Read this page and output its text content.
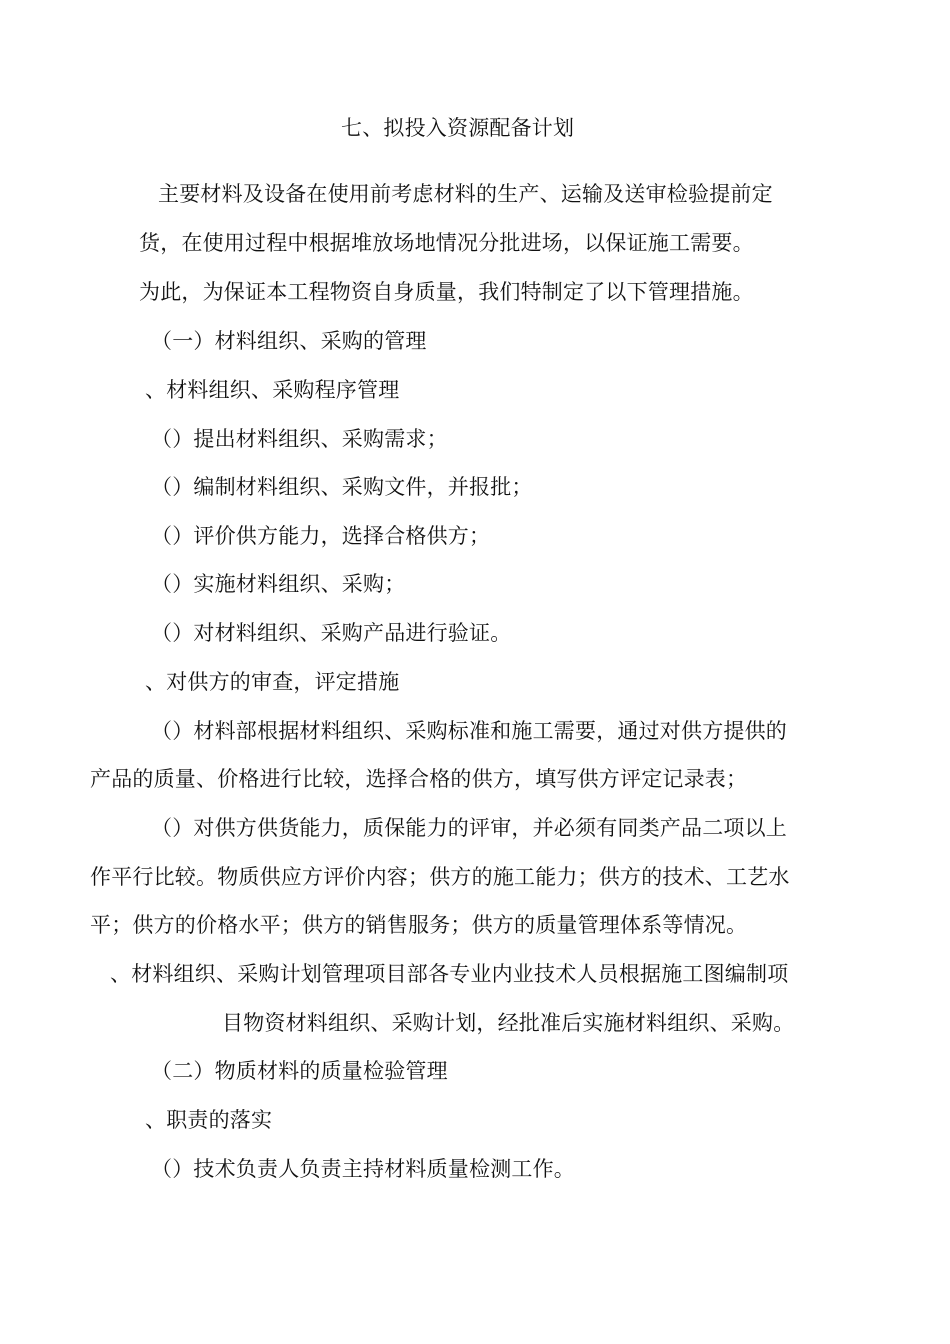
七、拟投入资源配备计划
主要材料及设备在使用前考虑材料的生产、运输及送审检验提前定
货，在使用过程中根据堆放场地情况分批进场，以保证施工需要。
为此，为保证本工程物资自身质量，我们特制定了以下管理措施。
（一）材料组织、采购的管理
、材料组织、采购程序管理
（）提出材料组织、采购需求；
（）编制材料组织、采购文件，并报批；
（）评价供方能力，选择合格供方；
（）实施材料组织、采购；
（）对材料组织、采购产品进行验证。
、对供方的审查，评定措施
（）材料部根据材料组织、采购标准和施工需要，通过对供方提供的
产品的质量、价格进行比较，选择合格的供方，填写供方评定记录表；
（）对供方供货能力，质保能力的评审，并必须有同类产品二项以上
作平行比较。物质供应方评价内容；供方的施工能力；供方的技术、工艺水
平；供方的价格水平；供方的销售服务；供方的质量管理体系等情况。
、材料组织、采购计划管理项目部各专业内业技术人员根据施工图编制项
目物资材料组织、采购计划，经批准后实施材料组织、采购。
（二）物质材料的质量检验管理
、职责的落实
（）技术负责人负责主持材料质量检测工作。
